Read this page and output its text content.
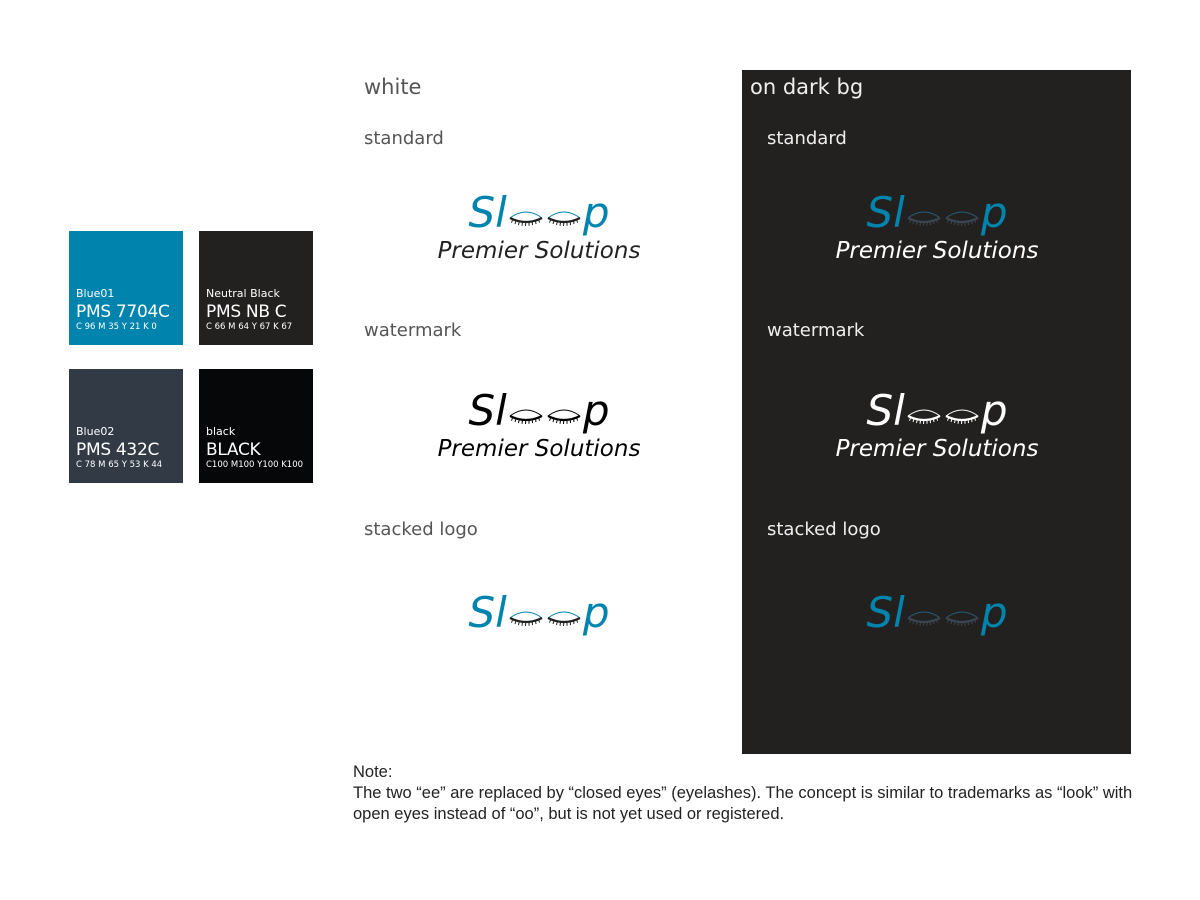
Blue01
PMS 7704C
C 96 M 35 Y 21 K 0
Neutral Black
PMS NB C
C 66 M 64 Y 67 K 67
Blue02
PMS 432C
C 78 M 65 Y 53 K 44
black
BLACK
C100 M100 Y100 K100
white
standard
watermark
stacked logo
Sl p
Premier Solutions
Sl p
Premier Solutions
Sl p
on dark bg
standard
watermark
stacked logo
Sl p
Premier Solutions
Sl p
Premier Solutions
Sl p
Note:
The two “ee” are replaced by “closed eyes” (eyelashes). The concept is similar to trademarks as “look” with open eyes instead of “oo”, but is not yet used or registered.
